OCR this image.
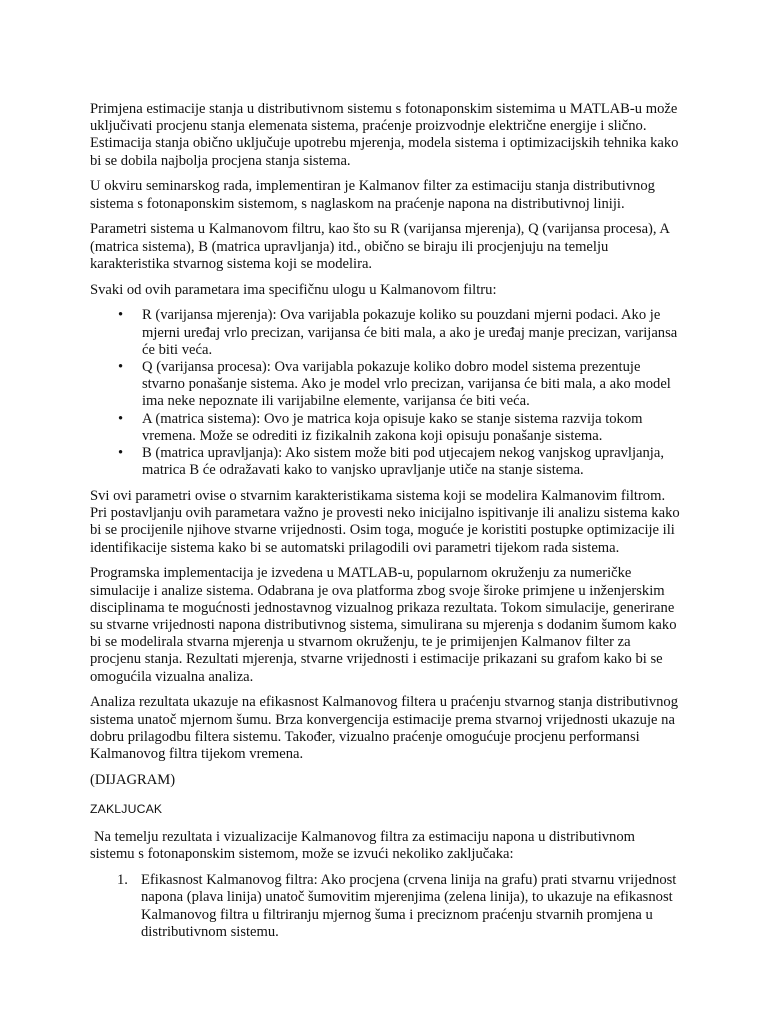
Primjena estimacije stanja u distributivnom sistemu s fotonaponskim sistemima u MATLAB-u može uključivati procjenu stanja elemenata sistema, praćenje proizvodnje električne energije i slično. Estimacija stanja obično uključuje upotrebu mjerenja, modela sistema i optimizacijskih tehnika kako bi se dobila najbolja procjena stanja sistema.

U okviru seminarskog rada, implementiran je Kalmanov filter za estimaciju stanja distributivnog sistema s fotonaponskim sistemom, s naglaskom na praćenje napona na distributivnoj liniji.

Parametri sistema u Kalmanovom filtru, kao što su R (varijansa mjerenja), Q (varijansa procesa), A (matrica sistema), B (matrica upravljanja) itd., obično se biraju ili procjenjuju na temelju karakteristika stvarnog sistema koji se modelira.

Svaki od ovih parametara ima specifičnu ulogu u Kalmanovom filtru:

• R (varijansa mjerenja): Ova varijabla pokazuje koliko su pouzdani mjerni podaci. Ako je mjerni uređaj vrlo precizan, varijansa će biti mala, a ako je uređaj manje precizan, varijansa će biti veća.
• Q (varijansa procesa): Ova varijabla pokazuje koliko dobro model sistema prezentuje stvarno ponašanje sistema. Ako je model vrlo precizan, varijansa će biti mala, a ako model ima neke nepoznate ili varijabilne elemente, varijansa će biti veća.
• A (matrica sistema): Ovo je matrica koja opisuje kako se stanje sistema razvija tokom vremena. Može se odrediti iz fizikalnih zakona koji opisuju ponašanje sistema.
• B (matrica upravljanja): Ako sistem može biti pod utjecajem nekog vanjskog upravljanja, matrica B će odražavati kako to vanjsko upravljanje utiče na stanje sistema.

Svi ovi parametri ovise o stvarnim karakteristikama sistema koji se modelira Kalmanovim filtrom. Pri postavljanju ovih parametara važno je provesti neko inicijalno ispitivanje ili analizu sistema kako bi se procijenile njihove stvarne vrijednosti. Osim toga, moguće je koristiti postupke optimizacije ili identifikacije sistema kako bi se automatski prilagodili ovi parametri tijekom rada sistema.

Programska implementacija je izvedena u MATLAB-u, popularnom okruženju za numeričke simulacije i analize sistema. Odabrana je ova platforma zbog svoje široke primjene u inženjerskim disciplinama te mogućnosti jednostavnog vizualnog prikaza rezultata. Tokom simulacije, generirane su stvarne vrijednosti napona distributivnog sistema, simulirana su mjerenja s dodanim šumom kako bi se modelirala stvarna mjerenja u stvarnom okruženju, te je primijenjen Kalmanov filter za procjenu stanja. Rezultati mjerenja, stvarne vrijednosti i estimacije prikazani su grafom kako bi se omogućila vizualna analiza.

Analiza rezultata ukazuje na efikasnost Kalmanovog filtera u praćenju stvarnog stanja distributivnog sistema unatoč mjernom šumu. Brza konvergencija estimacije prema stvarnoj vrijednosti ukazuje na dobru prilagodbu filtera sistemu. Također, vizualno praćenje omogućuje procjenu performansi Kalmanovog filtra tijekom vremena.

(DIJAGRAM)

ZAKLJUCAK

Na temelju rezultata i vizualizacije Kalmanovog filtra za estimaciju napona u distributivnom sistemu s fotonaponskim sistemom, može se izvući nekoliko zaključaka:

1. Efikasnost Kalmanovog filtra: Ako procjena (crvena linija na grafu) prati stvarnu vrijednost napona (plava linija) unatoč šumovitim mjerenjima (zelena linija), to ukazuje na efikasnost Kalmanovog filtra u filtriranju mjernog šuma i preciznom praćenju stvarnih promjena u distributivnom sistemu.
